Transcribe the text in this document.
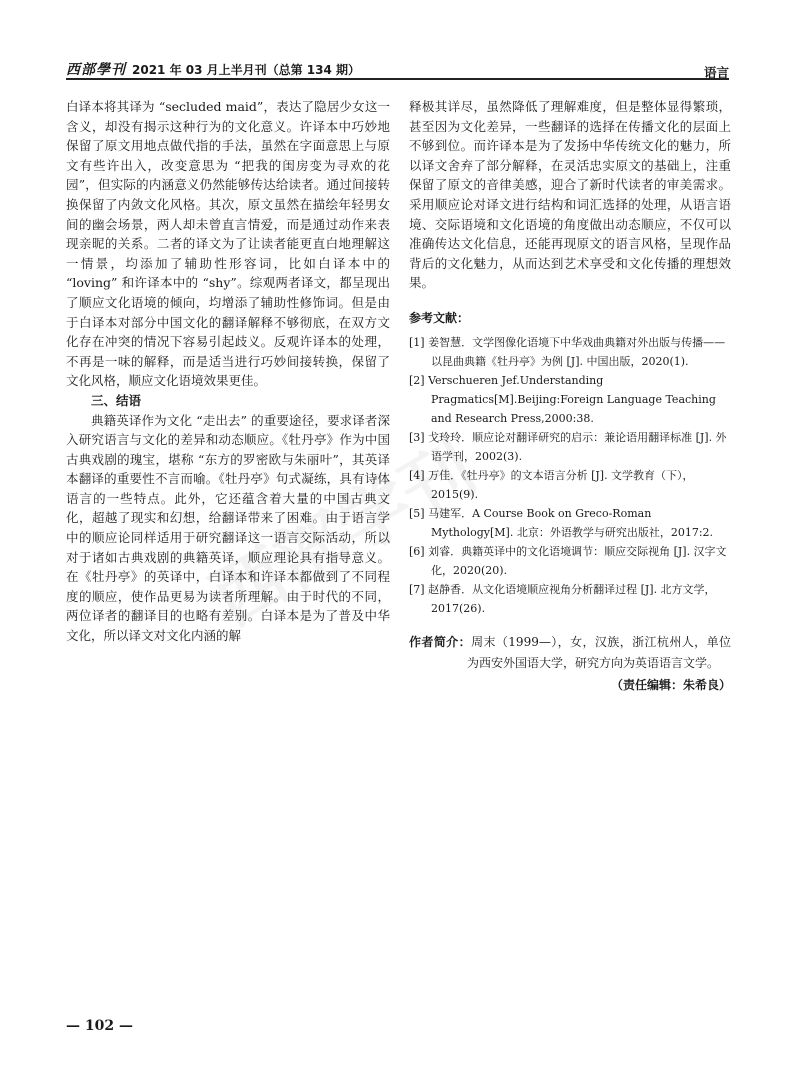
西部學刊 2021 年 03 月上半月刊（总第 134 期）	语言

白译本将其译为 “secluded maid”，表达了隐居少女这一含义，却没有揭示这种行为的文化意义。许译本中巧妙地保留了原文用地点做代指的手法，虽然在字面意思上与原文有些许出入，改变意思为 “把我的闺房变为寻欢的花园”，但实际的内涵意义仍然能够传达给读者。通过间接转换保留了内敛文化风格。其次，原文虽然在描绘年轻男女间的幽会场景，两人却未曾直言情爱，而是通过动作来表现亲昵的关系。二者的译文为了让读者能更直白地理解这一情景，均添加了辅助性形容词，比如白译本中的 “loving” 和许译本中的 “shy”。综观两者译文，都呈现出了顺应文化语境的倾向，均增添了辅助性修饰词。但是由于白译本对部分中国文化的翻译解释不够彻底，在双方文化存在冲突的情况下容易引起歧义。反观许译本的处理，不再是一味的解释，而是适当进行巧妙间接转换，保留了文化风格，顺应文化语境效果更佳。

三、结语

典籍英译作为文化 “走出去” 的重要途径，要求译者深入研究语言与文化的差异和动态顺应。《牡丹亭》作为中国古典戏剧的瑰宝，堪称 “东方的罗密欧与朱丽叶”，其英译本翻译的重要性不言而喻。《牡丹亭》句式凝练，具有诗体语言的一些特点。此外，它还蕴含着大量的中国古典文化，超越了现实和幻想，给翻译带来了困难。由于语言学中的顺应论同样适用于研究翻译这一语言交际活动，所以对于诸如古典戏剧的典籍英译，顺应理论具有指导意义。在《牡丹亭》的英译中，白译本和许译本都做到了不同程度的顺应，使作品更易为读者所理解。由于时代的不同，两位译者的翻译目的也略有差别。白译本是为了普及中华文化，所以译文对文化内涵的解

释极其详尽，虽然降低了理解难度，但是整体显得繁琐，甚至因为文化差异，一些翻译的选择在传播文化的层面上不够到位。而许译本是为了发扬中华传统文化的魅力，所以译文舍弃了部分解释，在灵活忠实原文的基础上，注重保留了原文的音律美感，迎合了新时代读者的审美需求。采用顺应论对译文进行结构和词汇选择的处理，从语言语境、交际语境和文化语境的角度做出动态顺应，不仅可以准确传达文化信息，还能再现原文的语言风格，呈现作品背后的文化魅力，从而达到艺术享受和文化传播的理想效果。

参考文献：
[1] 姜智慧．文学图像化语境下中华戏曲典籍对外出版与传播——以昆曲典籍《牡丹亭》为例 [J]. 中国出版，2020(1).
[2] Verschueren Jef.Understanding Pragmatics[M].Beijing:Foreign Language Teaching and Research Press,2000:38.
[3] 戈玲玲．顺应论对翻译研究的启示：兼论语用翻译标准 [J]. 外语学刊，2002(3).
[4] 万佳．《牡丹亭》的文本语言分析 [J]. 文学教育（下），2015(9).
[5] 马建军．A Course Book on Greco-Roman Mythology[M]. 北京：外语教学与研究出版社，2017:2.
[6] 刘睿．典籍英译中的文化语境调节：顺应交际视角 [J]. 汉字文化，2020(20).
[7] 赵静香．从文化语境顺应视角分析翻译过程 [J]. 北方文学，2017(26).
作者简介：周末（1999—），女，汉族，浙江杭州人，单位为西安外国语大学，研究方向为英语语言文学。
（责任编辑：朱希良）
— 102 —
